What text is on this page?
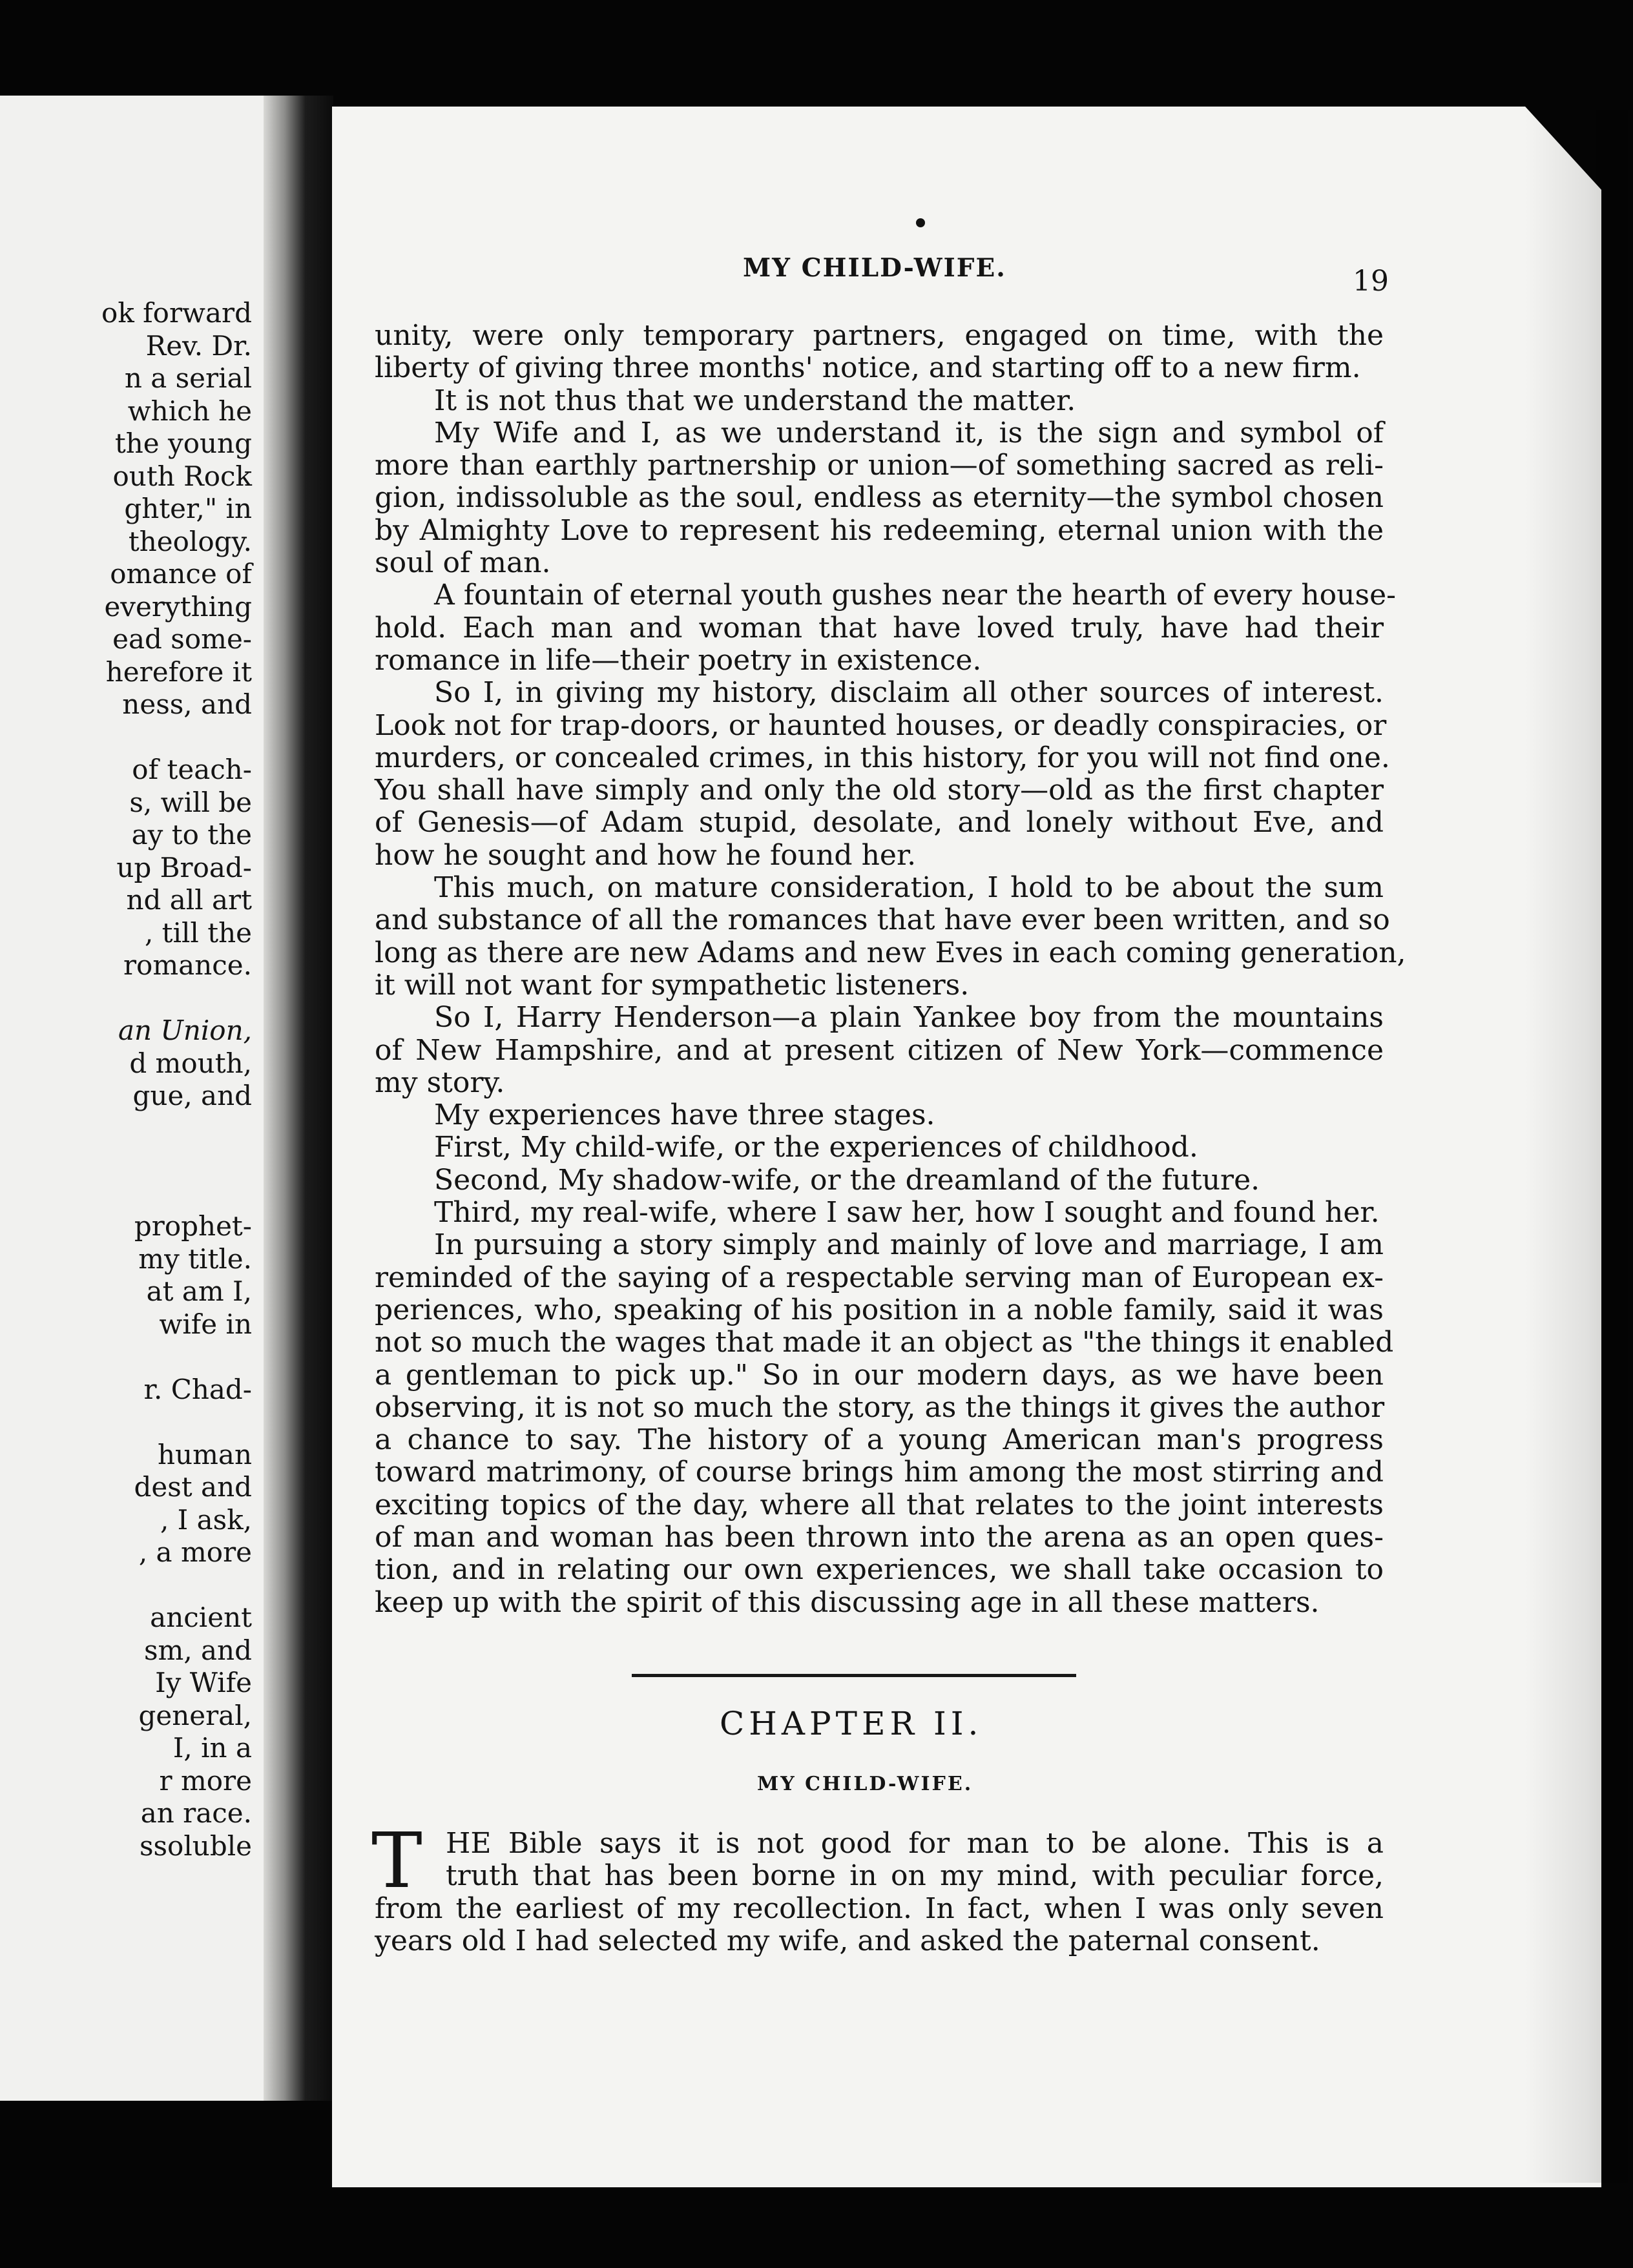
ok forward
Rev. Dr.
n a serial
which he
the young
outh Rock
ghter," in
theology.
omance of
everything
ead some-
herefore it
ness, and
of teach-
s, will be
ay to the
up Broad-
nd all art
, till the
romance.
an Union,
d mouth,
gue, and
prophet-
my title.
at am I,
wife in
r. Chad-
human
dest and
, I ask,
, a more
ancient
sm, and
Iy Wife
general,
I, in a
r more
an race.
ssoluble
MY CHILD-WIFE.	19
unity, were only temporary partners, engaged on time, with the
liberty of giving three months' notice, and starting off to a new firm.
It is not thus that we understand the matter.
My Wife and I, as we understand it, is the sign and symbol of
more than earthly partnership or union—of something sacred as reli-
gion, indissoluble as the soul, endless as eternity—the symbol chosen
by Almighty Love to represent his redeeming, eternal union with the
soul of man.
A fountain of eternal youth gushes near the hearth of every house-
hold. Each man and woman that have loved truly, have had their
romance in life—their poetry in existence.
So I, in giving my history, disclaim all other sources of interest.
Look not for trap-doors, or haunted houses, or deadly conspiracies, or
murders, or concealed crimes, in this history, for you will not find one.
You shall have simply and only the old story—old as the first chapter
of Genesis—of Adam stupid, desolate, and lonely without Eve, and
how he sought and how he found her.
This much, on mature consideration, I hold to be about the sum
and substance of all the romances that have ever been written, and so
long as there are new Adams and new Eves in each coming generation,
it will not want for sympathetic listeners.
So I, Harry Henderson—a plain Yankee boy from the mountains
of New Hampshire, and at present citizen of New York—commence
my story.
My experiences have three stages.
First, My child-wife, or the experiences of childhood.
Second, My shadow-wife, or the dreamland of the future.
Third, my real-wife, where I saw her, how I sought and found her.
In pursuing a story simply and mainly of love and marriage, I am
reminded of the saying of a respectable serving man of European ex-
periences, who, speaking of his position in a noble family, said it was
not so much the wages that made it an object as "the things it enabled
a gentleman to pick up." So in our modern days, as we have been
observing, it is not so much the story, as the things it gives the author
a chance to say. The history of a young American man's progress
toward matrimony, of course brings him among the most stirring and
exciting topics of the day, where all that relates to the joint interests
of man and woman has been thrown into the arena as an open ques-
tion, and in relating our own experiences, we shall take occasion to
keep up with the spirit of this discussing age in all these matters.
CHAPTER II.
MY CHILD-WIFE.
T HE Bible says it is not good for man to be alone. This is a
truth that has been borne in on my mind, with peculiar force,
from the earliest of my recollection. In fact, when I was only seven
years old I had selected my wife, and asked the paternal consent.
